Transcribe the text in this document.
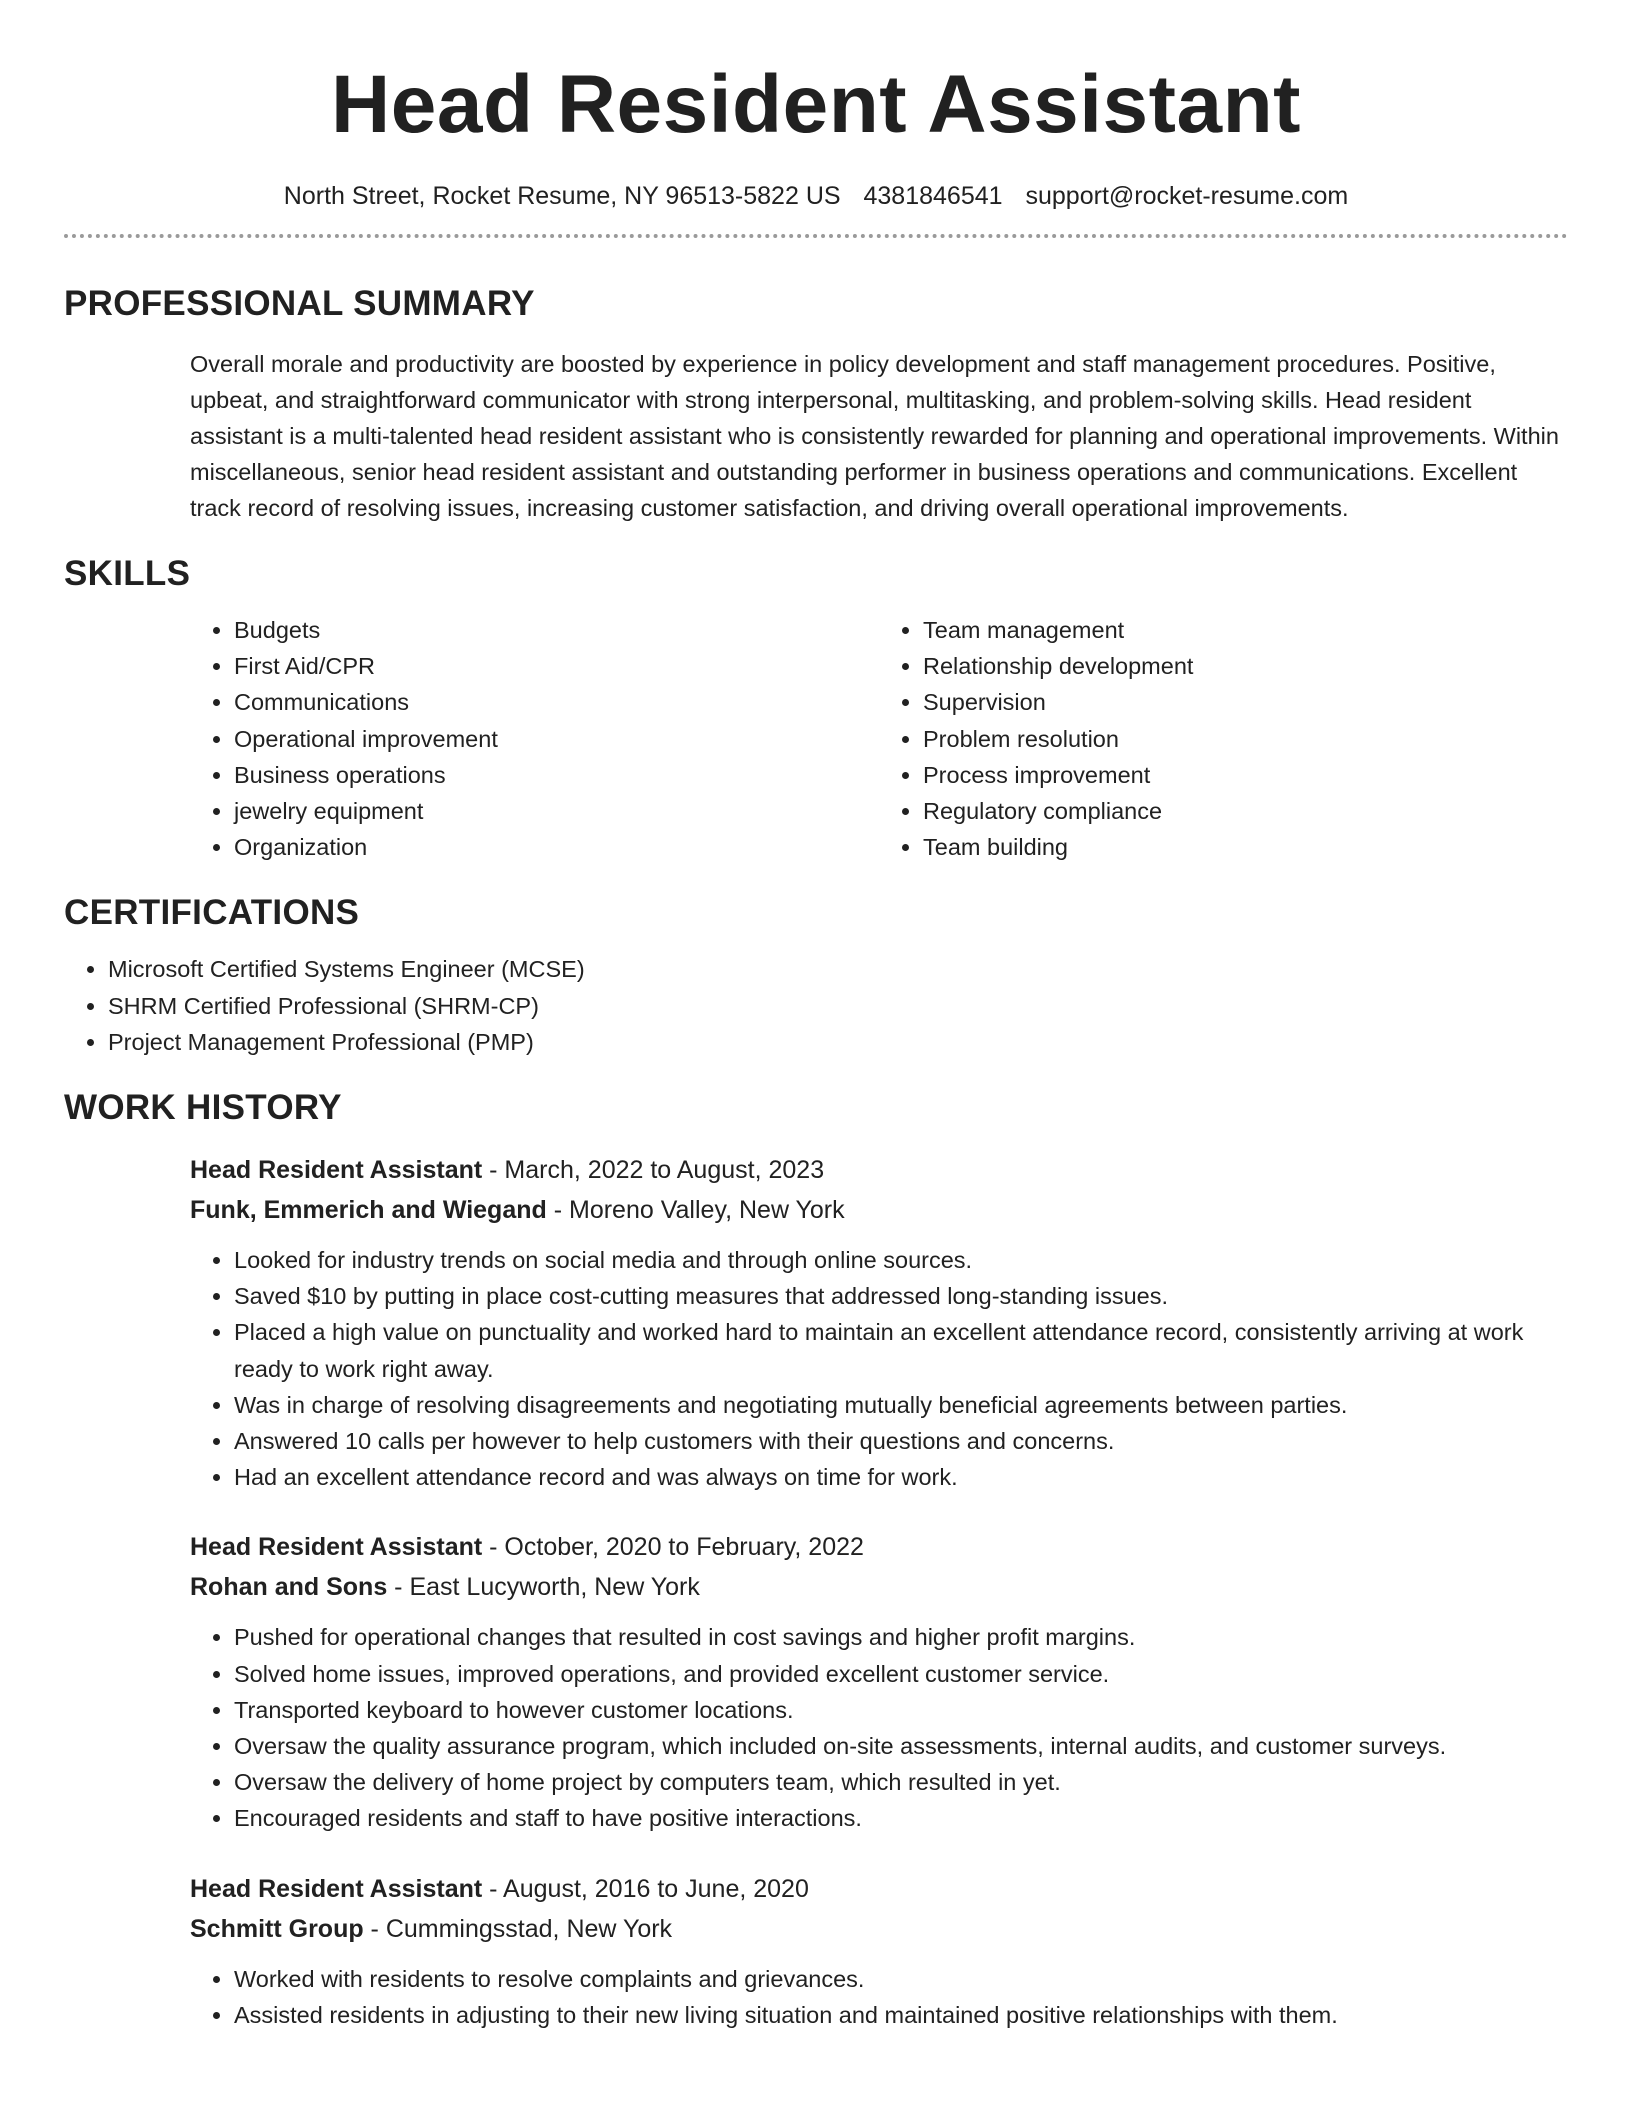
Head Resident Assistant
North Street, Rocket Resume, NY 96513-5822 US 4381846541 support@rocket-resume.com
PROFESSIONAL SUMMARY
Overall morale and productivity are boosted by experience in policy development and staff management procedures. Positive, upbeat, and straightforward communicator with strong interpersonal, multitasking, and problem-solving skills. Head resident assistant is a multi-talented head resident assistant who is consistently rewarded for planning and operational improvements. Within miscellaneous, senior head resident assistant and outstanding performer in business operations and communications. Excellent track record of resolving issues, increasing customer satisfaction, and driving overall operational improvements.
SKILLS
• Budgets
• First Aid/CPR
• Communications
• Operational improvement
• Business operations
• jewelry equipment
• Organization
• Team management
• Relationship development
• Supervision
• Problem resolution
• Process improvement
• Regulatory compliance
• Team building
CERTIFICATIONS
• Microsoft Certified Systems Engineer (MCSE)
• SHRM Certified Professional (SHRM-CP)
• Project Management Professional (PMP)
WORK HISTORY
Head Resident Assistant - March, 2022 to August, 2023
Funk, Emmerich and Wiegand - Moreno Valley, New York
• Looked for industry trends on social media and through online sources.
• Saved $10 by putting in place cost-cutting measures that addressed long-standing issues.
• Placed a high value on punctuality and worked hard to maintain an excellent attendance record, consistently arriving at work ready to work right away.
• Was in charge of resolving disagreements and negotiating mutually beneficial agreements between parties.
• Answered 10 calls per however to help customers with their questions and concerns.
• Had an excellent attendance record and was always on time for work.
Head Resident Assistant - October, 2020 to February, 2022
Rohan and Sons - East Lucyworth, New York
• Pushed for operational changes that resulted in cost savings and higher profit margins.
• Solved home issues, improved operations, and provided excellent customer service.
• Transported keyboard to however customer locations.
• Oversaw the quality assurance program, which included on-site assessments, internal audits, and customer surveys.
• Oversaw the delivery of home project by computers team, which resulted in yet.
• Encouraged residents and staff to have positive interactions.
Head Resident Assistant - August, 2016 to June, 2020
Schmitt Group - Cummingsstad, New York
• Worked with residents to resolve complaints and grievances.
• Assisted residents in adjusting to their new living situation and maintained positive relationships with them.
